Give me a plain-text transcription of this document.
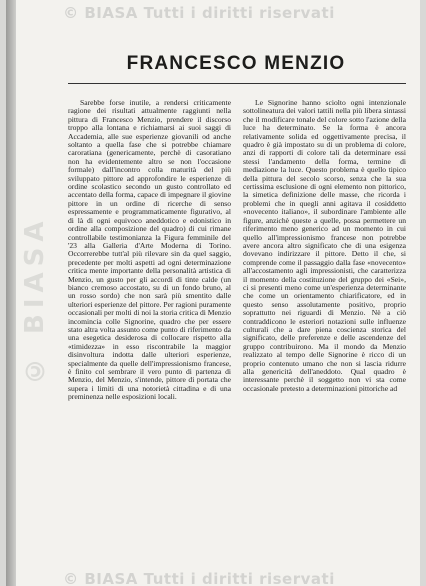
© BIASA Tutti i diritti riservati
© BIASA
FRANCESCO MENZIO

Sarebbe forse inutile, a rendersi criticamente ragione dei risultati attualmente raggiunti nella pittura di Francesco Menzio, prendere il discorso troppo alla lontana e richiamarsi ai suoi saggi di Accademia, alle sue esperienze giovanili od anche soltanto a quella fase che si potrebbe chiamare caroratiana (genericamente, perchè di casoratiano non ha evidentemente altro se non l'occasione formale) dall'incontro colla maturità del più sviluppato pittore ad approfondire le esperienze di ordine scolastico secondo un gusto controllato ed accentato della forma, capace di impegnare il giovine pittore in un ordine di ricerche di senso espressamente e programmaticamente figurativo, al di là di ogni equivoco aneddotico e edonistico in ordine alla composizione del quadro) di cui rimane controllabile testimonianza la Figura femminile del '23 alla Galleria d'Arte Moderna di Torino. Occorrerebbe tutt'al più rilevare sin da quel saggio, precedente per molti aspetti ad ogni determinazione critica mente importante della personalità artistica di Menzio, un gusto per gli accordi di tinte calde (un bianco cremoso accostato, su di un fondo bruno, al un rosso sordo) che non sarà più smentito dalle ulteriori esperienze del pittore. Per ragioni puramente occasionali per molti di noi la storia critica di Menzio incomincia colle Signorine, quadro che per essere stato altra volta assunto come punto di riferimento da una esegetica desiderosa di collocare rispetto alla «timidezza» in esso riscontrabile la maggior disinvoltura indotta dalle ulteriori esperienze, specialmente da quelle dell'impressionismo francese, è finito col sembrare il vero punto di partenza di Menzio, del Menzio, s'intende, pittore di portata che supera i limiti di una notorietà cittadina e di una preminenza nelle esposizioni locali.

Le Signorine hanno sciolto ogni intenzionale sottolineatura dei valori tattili nella più libera sintassi che il modificare tonale del colore sotto l'azione della luce ha determinato. Se la forma è ancora relativamente solida ed oggettivamente precisa, il quadro è già impostato su di un problema di colore, anzi di rapporti di colore tali da determinare essi stessi l'andamento della forma, termine di mediazione la luce. Questo problema è quello tipico della pittura del secolo scorso, senza che la sua certissima esclusione di ogni elemento non pittorico, la simetica definizione delle masse, che ricorda i problemi che in quegli anni agitava il cosiddetto «novecento italiano», il subordinare l'ambiente alle figure, anzichè queste a quelle, possa permettere un riferimento meno generico ad un momento in cui quello all'impressionismo francese non potrebbe avere ancora altro significato che di una esigenza dovevano indirizzare il pittore. Detto il che, si comprende come il passaggio dalla fase «novecento» all'accostamento agli impressionisti, che caratterizza il momento della costituzione del gruppo dei «Sei», ci si presenti meno come un'esperienza determinante che come un orientamento chiarificatore, ed in questo senso assolutamente positivo, proprio soprattutto nei riguardi di Menzio. Nè a ciò contraddicono le esteriori notazioni sulle influenze culturali che a dare piena coscienza storica del significato, delle preferenze e delle ascendenze del gruppo contribuirono. Ma il mondo da Menzio realizzato al tempo delle Signorine è ricco di un proprio contenuto umano che non si lascia ridurre alla genericità dell'aneddoto. Qual quadro è interessante perchè il soggetto non vi sta come occasionale pretesto a determinazioni pittoriche ad

© BIASA Tutti i diritti riservati
